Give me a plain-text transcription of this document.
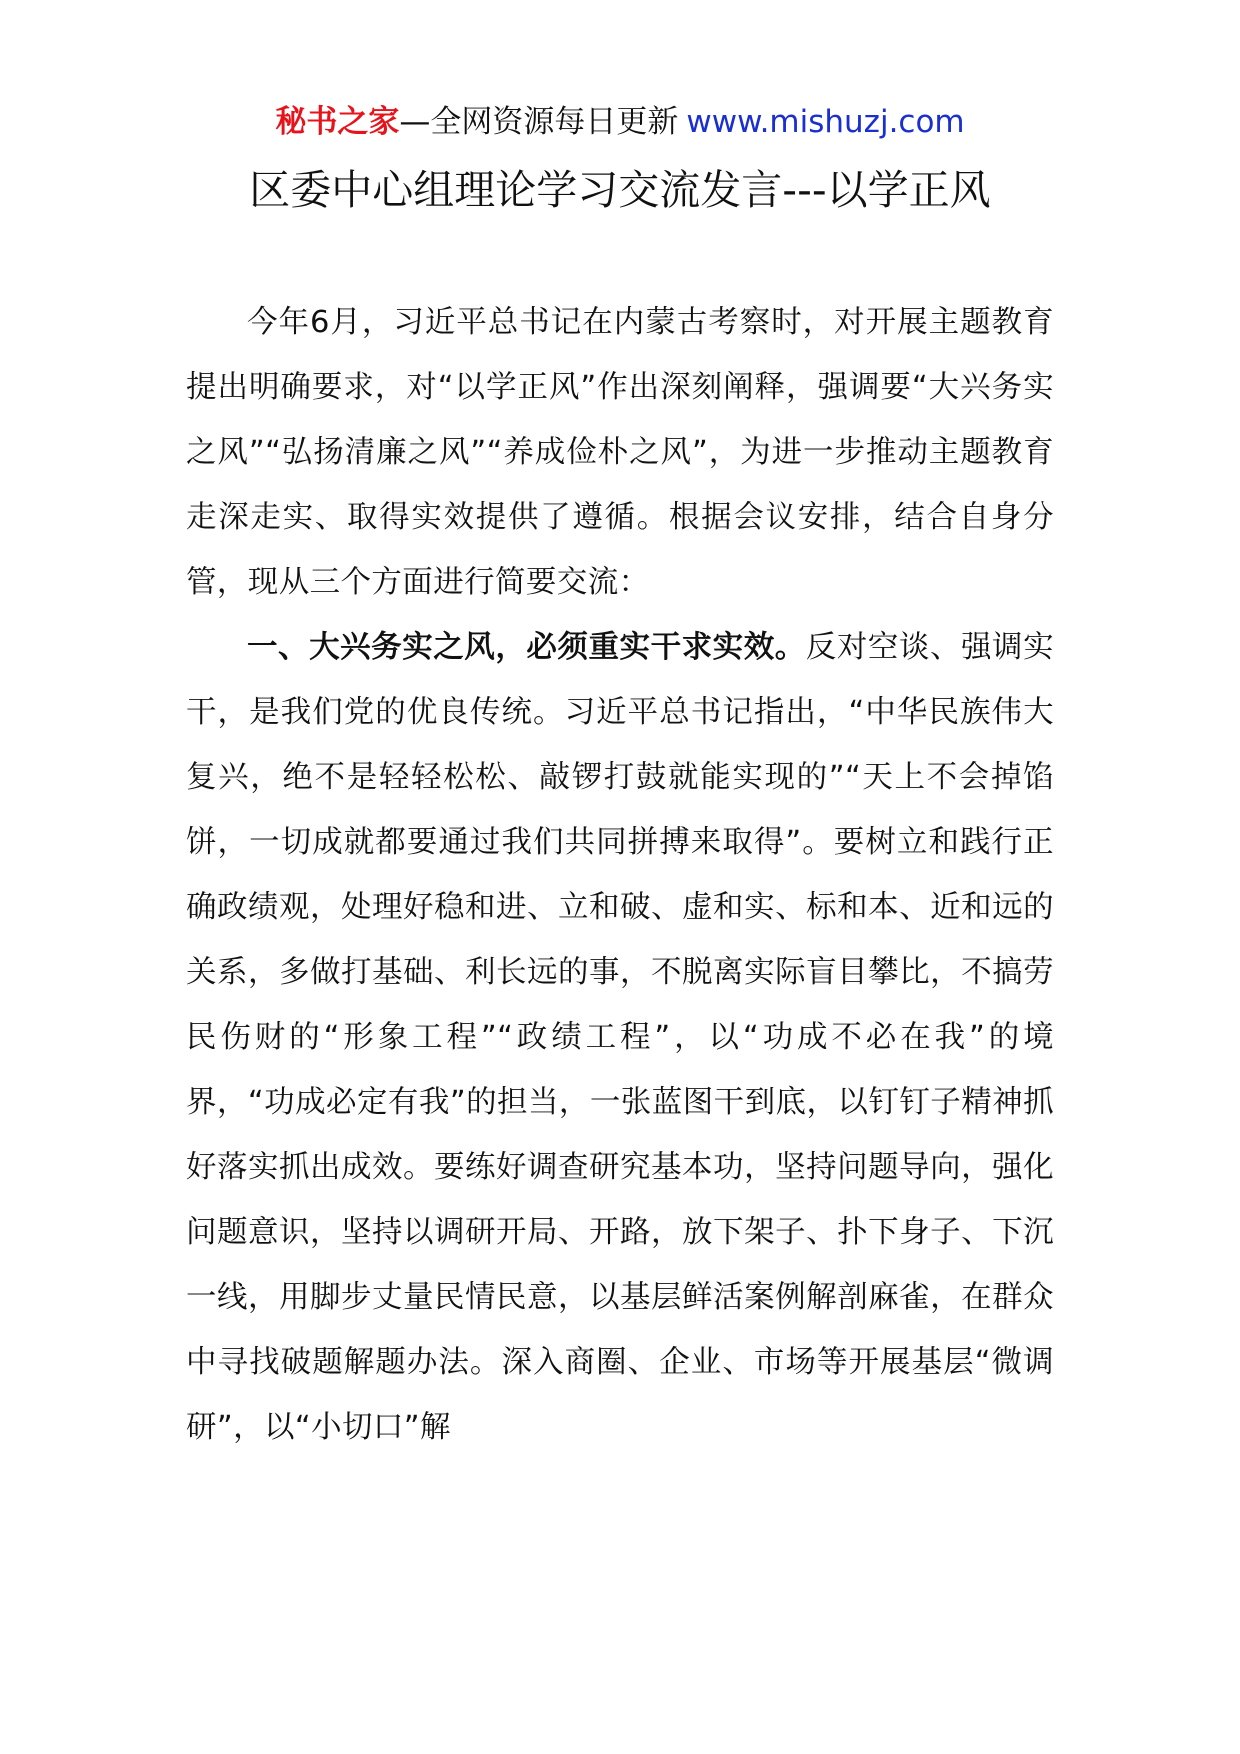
秘书之家—全网资源每日更新 www.mishuzj.com
区委中心组理论学习交流发言---以学正风

今年6月，习近平总书记在内蒙古考察时，对开展主题教育提出明确要求，对“以学正风”作出深刻阐释，强调要“大兴务实之风”“弘扬清廉之风”“养成俭朴之风”，为进一步推动主题教育走深走实、取得实效提供了遵循。根据会议安排，结合自身分管，现从三个方面进行简要交流：

一、大兴务实之风，必须重实干求实效。反对空谈、强调实干，是我们党的优良传统。习近平总书记指出，“中华民族伟大复兴，绝不是轻轻松松、敲锣打鼓就能实现的”“天上不会掉馅饼，一切成就都要通过我们共同拼搏来取得”。要树立和践行正确政绩观，处理好稳和进、立和破、虚和实、标和本、近和远的关系，多做打基础、利长远的事，不脱离实际盲目攀比，不搞劳民伤财的“形象工程”“政绩工程”，以“功成不必在我”的境界，“功成必定有我”的担当，一张蓝图干到底，以钉钉子精神抓好落实抓出成效。要练好调查研究基本功，坚持问题导向，强化问题意识，坚持以调研开局、开路，放下架子、扑下身子、下沉一线，用脚步丈量民情民意，以基层鲜活案例解剖麻雀，在群众中寻找破题解题办法。深入商圈、企业、市场等开展基层“微调研”，以“小切口”解
